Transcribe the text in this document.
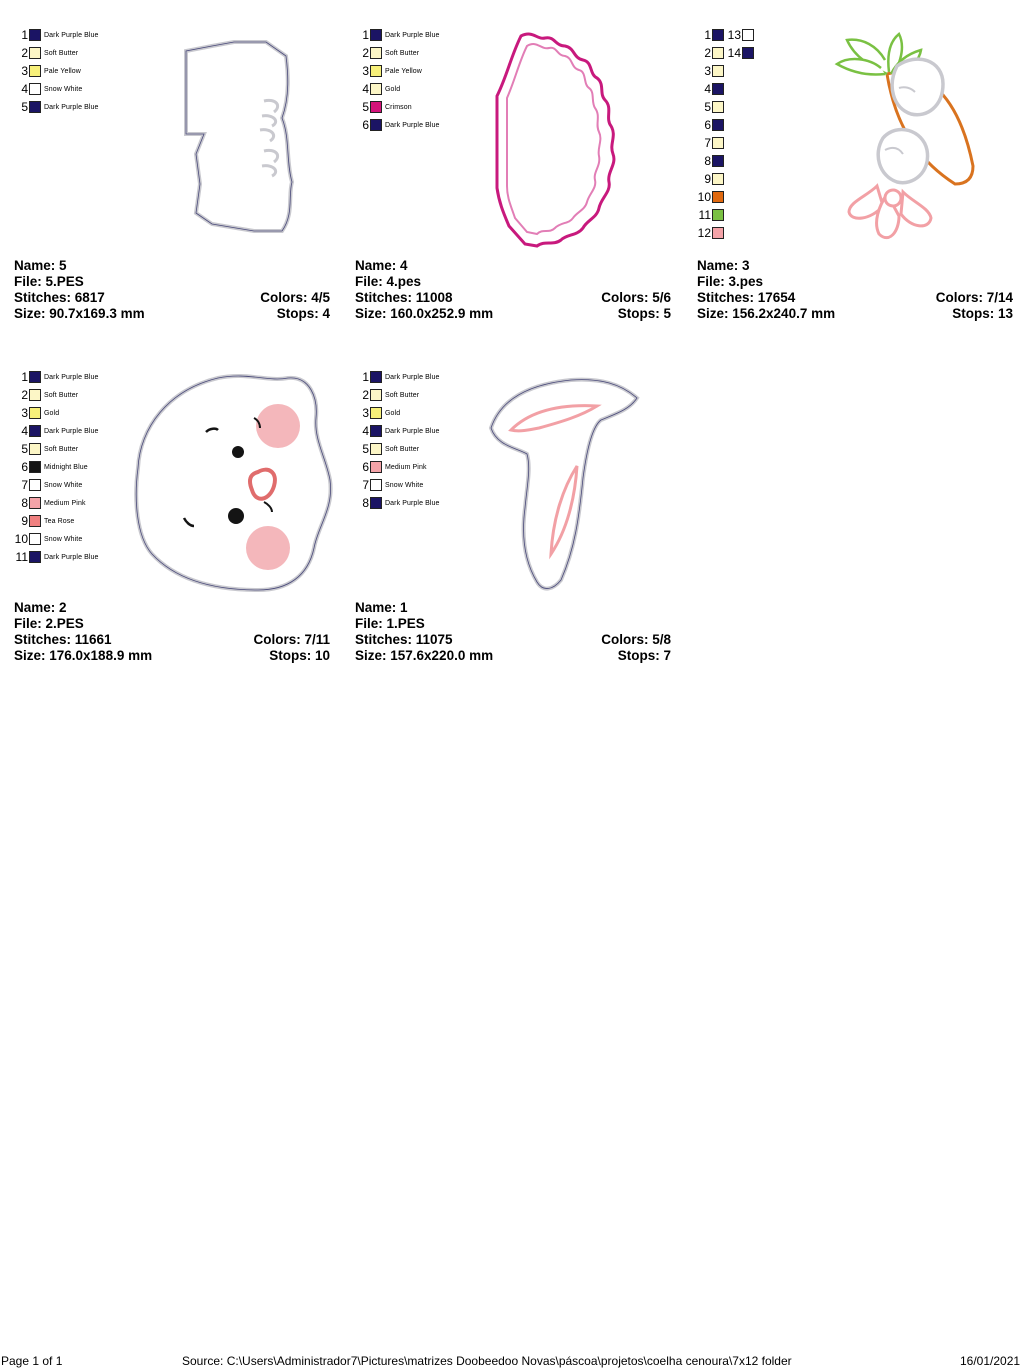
1 Dark Purple Blue
2 Soft Butter
3 Pale Yellow
4 Snow White
5 Dark Purple Blue
Name: 5
File: 5.PES
Stitches: 6817	Colors: 4/5
Size: 90.7x169.3 mm	Stops: 4
1 Dark Purple Blue
2 Soft Butter
3 Pale Yellow
4 Gold
5 Crimson
6 Dark Purple Blue
Name: 4
File: 4.pes
Stitches: 11008	Colors: 5/6
Size: 160.0x252.9 mm	Stops: 5
1
2
3
4
5
6
7
8
9
10
11
12
13
14
Name: 3
File: 3.pes
Stitches: 17654	Colors: 7/14
Size: 156.2x240.7 mm	Stops: 13
1 Dark Purple Blue
2 Soft Butter
3 Gold
4 Dark Purple Blue
5 Soft Butter
6 Midnight Blue
7 Snow White
8 Medium Pink
9 Tea Rose
10 Snow White
11 Dark Purple Blue
Name: 2
File: 2.PES
Stitches: 11661	Colors: 7/11
Size: 176.0x188.9 mm	Stops: 10
1 Dark Purple Blue
2 Soft Butter
3 Gold
4 Dark Purple Blue
5 Soft Butter
6 Medium Pink
7 Snow White
8 Dark Purple Blue
Name: 1
File: 1.PES
Stitches: 11075	Colors: 5/8
Size: 157.6x220.0 mm	Stops: 7
Page 1 of 1	Source: C:\Users\Administrador7\Pictures\matrizes Doobeedoo Novas\páscoa\projetos\coelha cenoura\7x12 folder	16/01/2021
